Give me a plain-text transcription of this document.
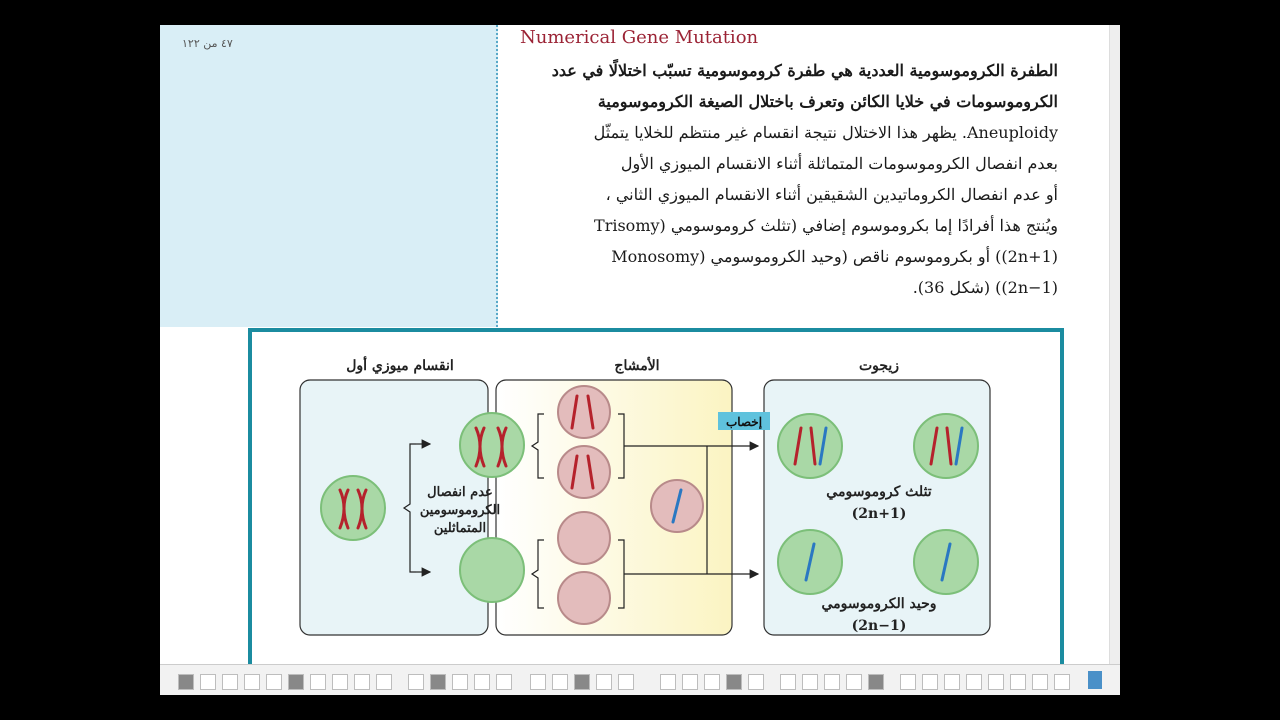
٤٧ من ١٢٢	Numerical Gene Mutation
الطفرة الكروموسومية العددية هي طفرة كروموسومية تسبّب اختلالًا في عدد
الكروموسومات في خلايا الكائن وتعرف باختلال الصيغة الكروموسومية
Aneuploidy. يظهر هذا الاختلال نتيجة انقسام غير منتظم للخلايا يتمثّل
بعدم انفصال الكروموسومات المتماثلة أثناء الانقسام الميوزي الأول
أو عدم انفصال الكروماتيدين الشقيقين أثناء الانقسام الميوزي الثاني ،
ويُنتج هذا أفرادًا إما بكروموسوم إضافي (تثلث كروموسومي (Trisomy
(2n+1)) أو بكروموسوم ناقص (وحيد الكروموسومي (Monosomy
(2n−1)) (شكل 36).
انقسام ميوزي أول	الأمشاج	زيجوت
عدم انفصال
الكروموسومين
المتماثلين
إخصاب
تثلث كروموسومي
(2n+1)
وحيد الكروموسومي
(2n−1)
